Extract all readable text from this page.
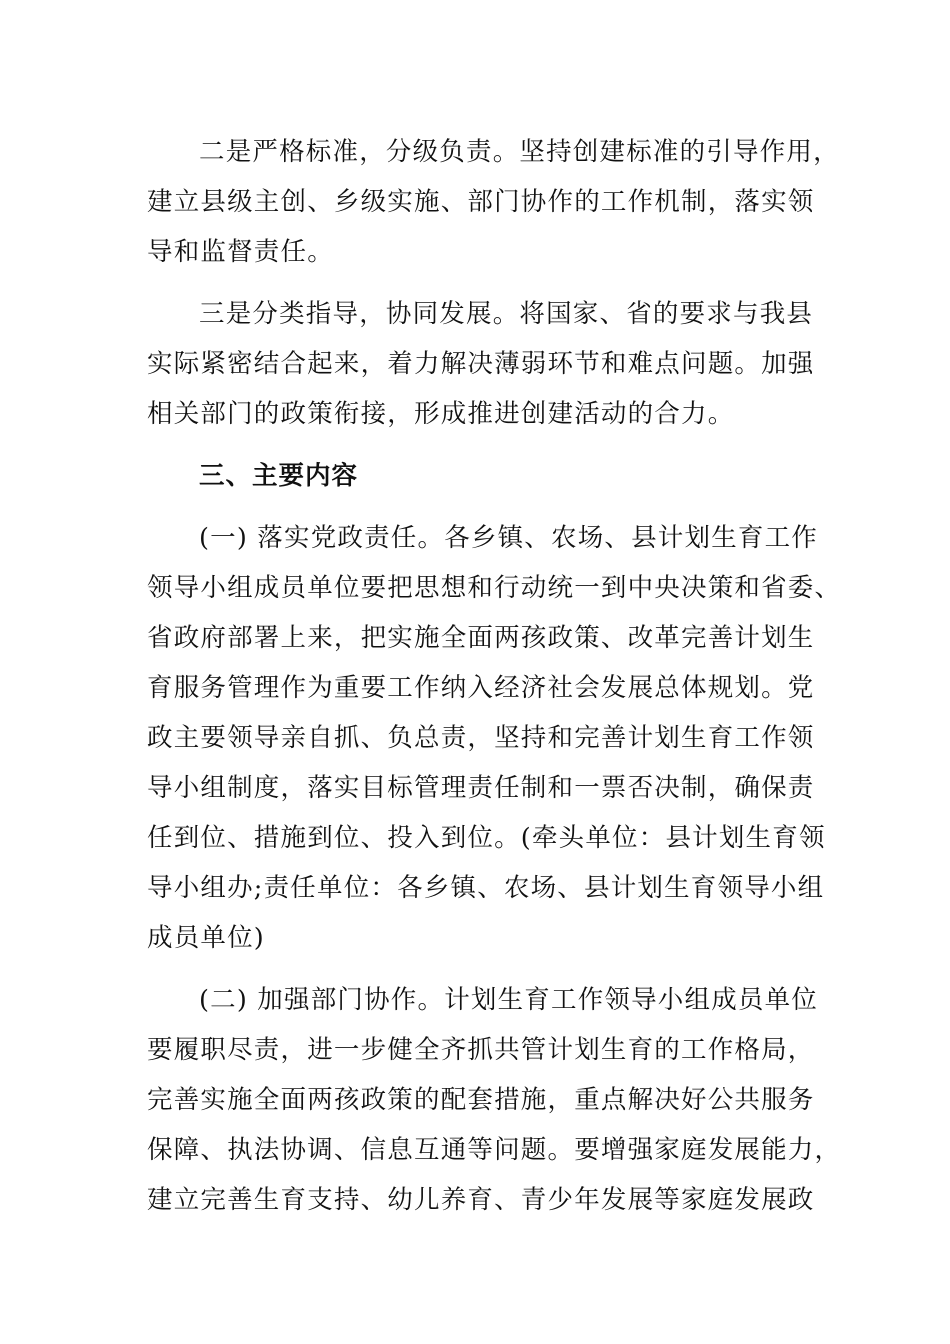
二是严格标准，分级负责。坚持创建标准的引导作用，
建立县级主创、乡级实施、部门协作的工作机制，落实领
导和监督责任。
三是分类指导，协同发展。将国家、省的要求与我县
实际紧密结合起来，着力解决薄弱环节和难点问题。加强
相关部门的政策衔接，形成推进创建活动的合力。
三、主要内容
(一) 落实党政责任。各乡镇、农场、县计划生育工作
领导小组成员单位要把思想和行动统一到中央决策和省委、
省政府部署上来，把实施全面两孩政策、改革完善计划生
育服务管理作为重要工作纳入经济社会发展总体规划。党
政主要领导亲自抓、负总责，坚持和完善计划生育工作领
导小组制度，落实目标管理责任制和一票否决制，确保责
任到位、措施到位、投入到位。(牵头单位：县计划生育领
导小组办;责任单位：各乡镇、农场、县计划生育领导小组
成员单位)
(二) 加强部门协作。计划生育工作领导小组成员单位
要履职尽责，进一步健全齐抓共管计划生育的工作格局，
完善实施全面两孩政策的配套措施，重点解决好公共服务
保障、执法协调、信息互通等问题。要增强家庭发展能力，
建立完善生育支持、幼儿养育、青少年发展等家庭发展政
